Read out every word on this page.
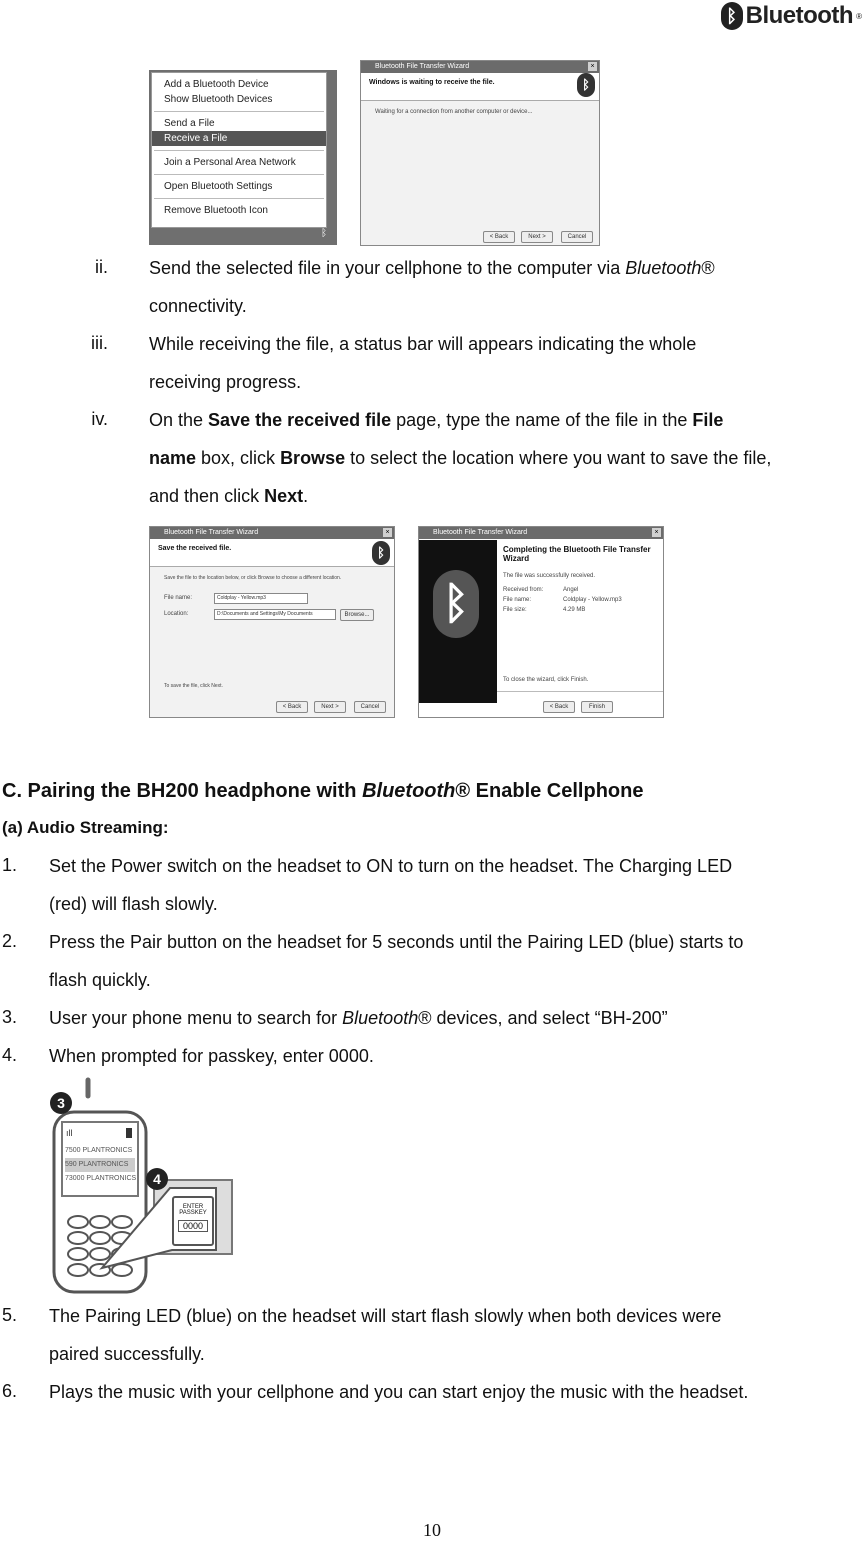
ᛒ Bluetooth ®
Add a Bluetooth Device
Show Bluetooth Devices
Send a File
Receive a File
Join a Personal Area Network
Open Bluetooth Settings
Remove Bluetooth Icon
ᛒ
Bluetooth File Transfer Wizard	×
Windows is waiting to receive the file.	ᛒ
Waiting for a connection from another computer or device...
< Back	Next >	Cancel
ii. Send the selected file in your cellphone to the computer via Bluetooth®
connectivity.
iii. While receiving the file, a status bar will appears indicating the whole
receiving progress.
iv. On the Save the received file page, type the name of the file in the File
name box, click Browse to select the location where you want to save the file,
and then click Next.
Bluetooth File Transfer Wizard	×
Save the received file.	ᛒ
Save the file to the location below, or click Browse to choose a different location.
File name:	Coldplay - Yellow.mp3
Location:	D:\Documents and Settings\My Documents	Browse...
To save the file, click Next.
< Back	Next >	Cancel
Bluetooth File Transfer Wizard	×
ᛒ
Completing the Bluetooth File Transfer Wizard
The file was successfully received.
Received from:	Angel
File name:	Coldplay - Yellow.mp3
File size:	4.29 MB
To close the wizard, click Finish.
< Back	Finish
C. Pairing the BH200 headphone with Bluetooth® Enable Cellphone
(a) Audio Streaming:
1. Set the Power switch on the headset to ON to turn on the headset. The Charging LED
(red) will flash slowly.
2. Press the Pair button on the headset for 5 seconds until the Pairing LED (blue) starts to
flash quickly.
3. User your phone menu to search for Bluetooth® devices, and select “BH-200”
4. When prompted for passkey, enter 0000.
3
4
ıll
7500 PLANTRONICS
590 PLANTRONICS
73000 PLANTRONICS
ENTER
PASSKEY
0000
5. The Pairing LED (blue) on the headset will start flash slowly when both devices were
paired successfully.
6. Plays the music with your cellphone and you can start enjoy the music with the headset.
10
